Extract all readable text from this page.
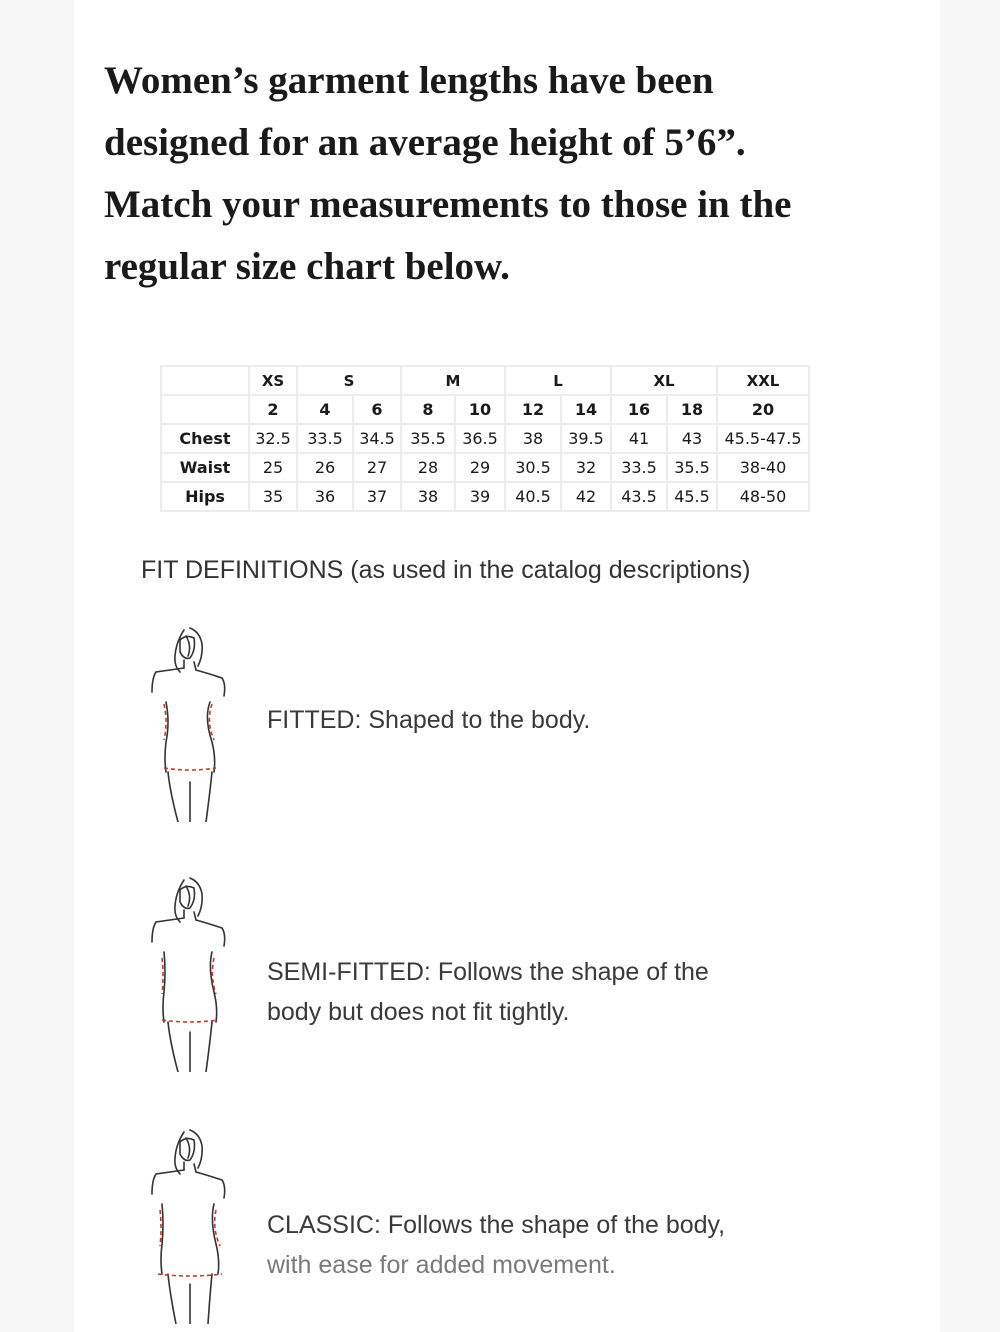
Women’s garment lengths have been
designed for an average height of 5’6”.
Match your measurements to those in the
regular size chart below.
	XS	S		M		L		XL		XXL
	2	4	6	8	10	12	14	16	18	20
Chest	32.5	33.5	34.5	35.5	36.5	38	39.5	41	43	45.5-47.5
Waist	25	26	27	28	29	30.5	32	33.5	35.5	38-40
Hips	35	36	37	38	39	40.5	42	43.5	45.5	48-50
FIT DEFINITIONS (as used in the catalog descriptions)
FITTED: Shaped to the body.
SEMI-FITTED: Follows the shape of the
body but does not fit tightly.
CLASSIC: Follows the shape of the body,
with ease for added movement.
